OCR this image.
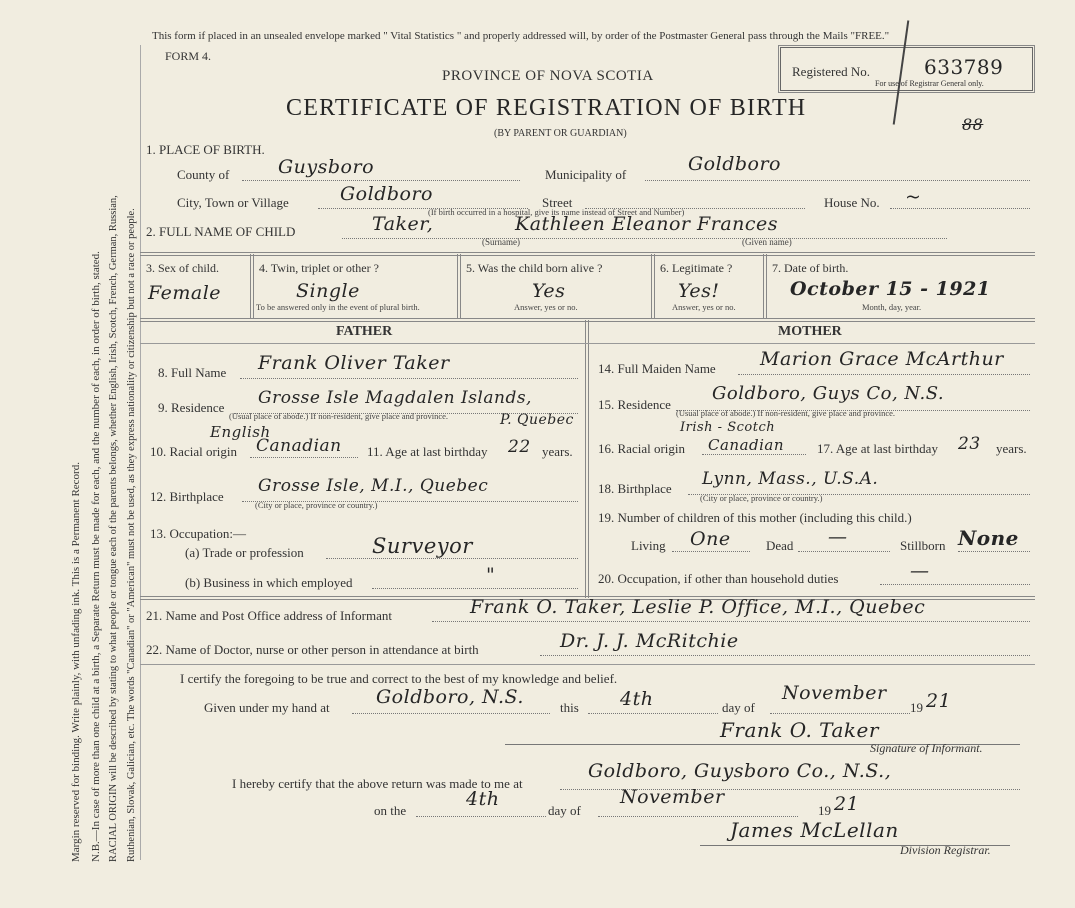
Margin reserved for binding. Write plainly, with unfading ink. This is a Permanent Record. N.B.—In case of more than one child at a birth, a Separate Return must be made for each, and the number of each, in order of birth, stated. RACIAL ORIGIN will be described by stating to what people or tongue each of the parents belongs, whether English, Irish, Scotch, French, German, Russian, Ruthenian, Slovak, Galician, etc. The words "Canadian" or "American" must not be used, as they express nationality or citizenship but not a race or people.
This form if placed in an unsealed envelope marked " Vital Statistics " and properly addressed will, by order of the Postmaster General pass through the Mails "FREE."
FORM 4.
PROVINCE OF NOVA SCOTIA
CERTIFICATE OF REGISTRATION OF BIRTH
(BY PARENT OR GUARDIAN)
Registered No.	633789
For use of Registrar General only.
88
1. PLACE OF BIRTH.
County of	Guysboro	Municipality of	Goldboro
City, Town or Village	Goldboro	Street	House No. ~
(If birth occurred in a hospital, give its name instead of Street and Number)
2. FULL NAME OF CHILD	Taker,
(Surname)
Kathleen Eleanor Frances
(Given name)
3. Sex of child.
Female
4. Twin, triplet or other ?
Single
To be answered only in the event of plural birth.
5. Was the child born alive ?
Yes
Answer, yes or no.
6. Legitimate ?
Yes!
Answer, yes or no.
7. Date of birth.
October 15 - 1921
Month, day, year.
FATHER	MOTHER
8. Full Name Frank Oliver Taker
9. Residence Grosse Isle Magdalen Islands,
P. Quebec
(Usual place of abode.) If non-resident, give place and province.
10. Racial origin Canadian
English
11. Age at last birthday 22 years.
12. Birthplace
Grosse Isle, M.I., Quebec
(City or place, province or country.)
13. Occupation:—
(a) Trade or profession	Surveyor
(b) Business in which employed	"
14. Full Maiden Name Marion Grace McArthur
15. Residence
Goldboro, Guys Co, N.S.
(Usual place of abode.) If non-resident, give place and province.
16. Racial origin Canadian
Irish - Scotch
17. Age at last birthday 23 years.
18. Birthplace Lynn, Mass., U.S.A.
(City or place, province or country.)
19. Number of children of this mother (including this child.)
Living One	Dead —	Stillborn None
20. Occupation, if other than household duties	—
21. Name and Post Office address of Informant	Frank O. Taker, Leslie P. Office, M.I., Quebec
22. Name of Doctor, nurse or other person in attendance at birth	Dr. J. J. McRitchie
I certify the foregoing to be true and correct to the best of my knowledge and belief.
Given under my hand at Goldboro, N.S.	this 4th	day of
November
19 21
Frank O. Taker
Signature of Informant.
I hereby certify that the above return was made to me at
Goldboro, Guysboro Co., N.S.,
on the
4th
day of
November
19 21
James McLellan
Division Registrar.
